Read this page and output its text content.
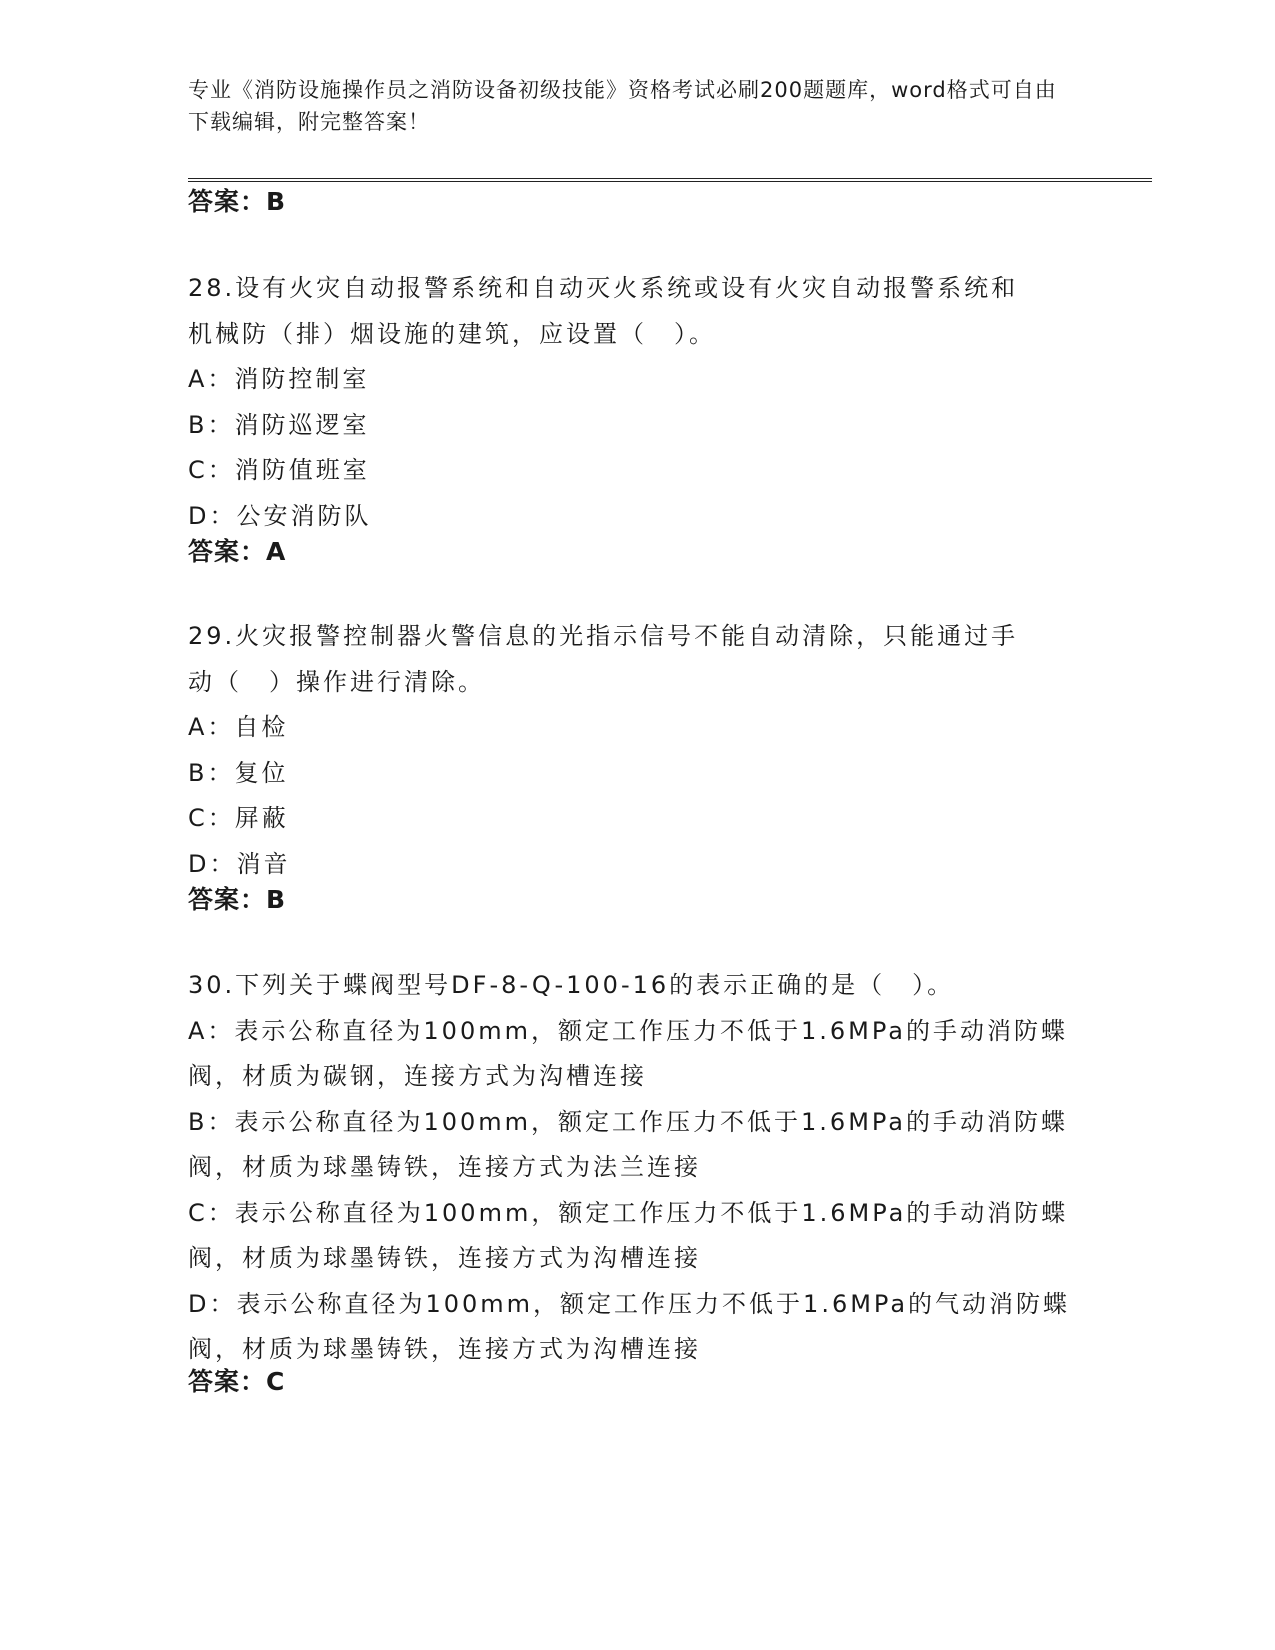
专业《消防设施操作员之消防设备初级技能》资格考试必刷200题题库，word格式可自由下载编辑，附完整答案！
答案：B

28.设有火灾自动报警系统和自动灭火系统或设有火灾自动报警系统和

机械防（排）烟设施的建筑，应设置（　）。

A：消防控制室

B：消防巡逻室

C：消防值班室

D：公安消防队

答案：A

29.火灾报警控制器火警信息的光指示信号不能自动清除，只能通过手

动（　）操作进行清除。

A：自检

B：复位

C：屏蔽

D：消音

答案：B

30.下列关于蝶阀型号DF-8-Q-100-16的表示正确的是（　）。

A：表示公称直径为100mm，额定工作压力不低于1.6MPa的手动消防蝶

阀，材质为碳钢，连接方式为沟槽连接

B：表示公称直径为100mm，额定工作压力不低于1.6MPa的手动消防蝶

阀，材质为球墨铸铁，连接方式为法兰连接

C：表示公称直径为100mm，额定工作压力不低于1.6MPa的手动消防蝶

阀，材质为球墨铸铁，连接方式为沟槽连接

D：表示公称直径为100mm，额定工作压力不低于1.6MPa的气动消防蝶

阀，材质为球墨铸铁，连接方式为沟槽连接

答案：C
